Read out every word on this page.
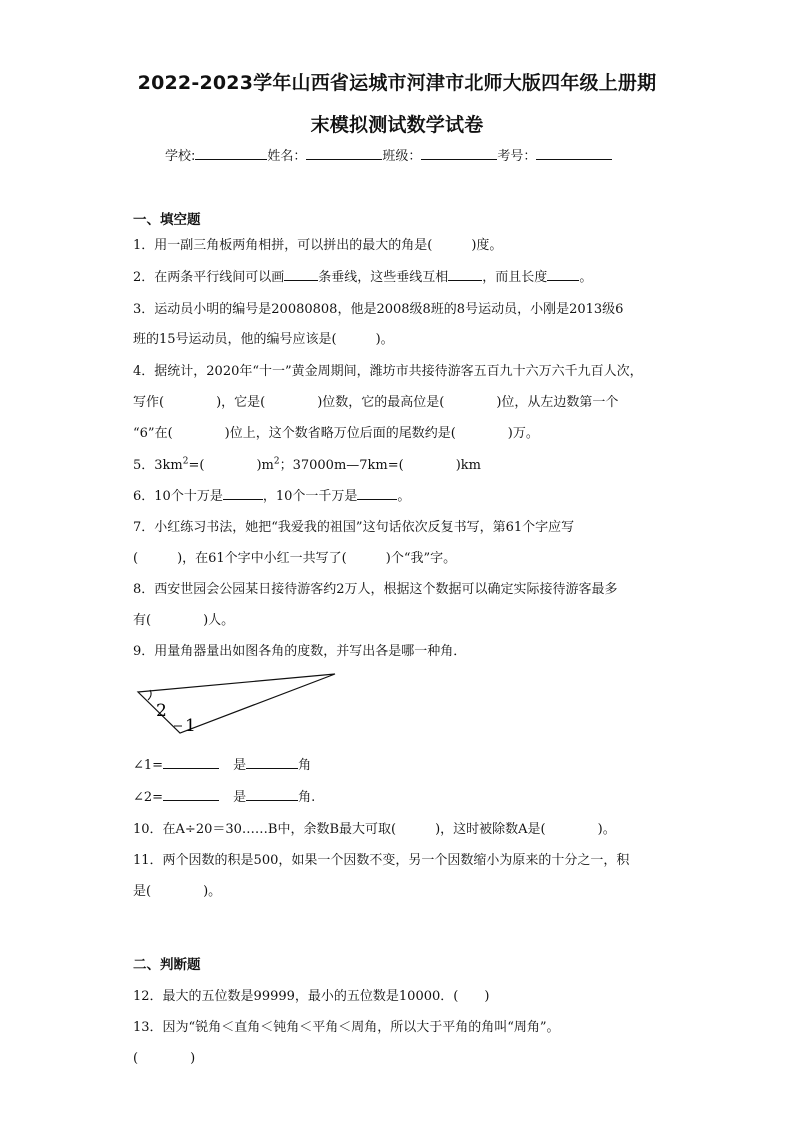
2022-2023学年山西省运城市河津市北师大版四年级上册期
末模拟测试数学试卷
学校:	姓名：	班级：	考号：
一、填空题
1．用一副三角板两角相拼，可以拼出的最大的角是(　　　)度。
2．在两条平行线间可以画	条垂线，这些垂线互相	，而且长度 。
3．运动员小明的编号是20080808，他是2008级8班的8号运动员，小刚是2013级6
班的15号运动员，他的编号应该是(　　　)。
4．据统计，2020年“十一”黄金周期间，潍坊市共接待游客五百九十六万六千九百人次，
写作(　　　　)，它是(　　　　)位数，它的最高位是(　　　　)位，从左边数第一个
“6”在(　　　　)位上，这个数省略万位后面的尾数约是(　　　　)万。
5．$3km^2=$(　　　　)$m^2$；37000m—7km=(　　　　)km
6．10个十万是	，10个一千万是	。
7．小红练习书法，她把“我爱我的祖国”这句话依次反复书写，第61个字应写
(　　　)，在61个字中小红一共写了(　　　)个“我”字。
8．西安世园会公园某日接待游客约2万人，根据这个数据可以确定实际接待游客最多
有(　　　　)人。
9．用量角器量出如图各角的度数，并写出各是哪一种角．
2
1
∠1=	是	角
∠2=	是	角.
10．在A÷20＝30……B中，余数B最大可取(　　　)，这时被除数A是(　　　　)。
11．两个因数的积是500，如果一个因数不变，另一个因数缩小为原来的十分之一，积
是(　　　　)。
二、判断题
12．最大的五位数是99999，最小的五位数是10000．(　　)
13．因为“锐角＜直角＜钝角＜平角＜周角，所以大于平角的角叫“周角”。
(　　　　)
